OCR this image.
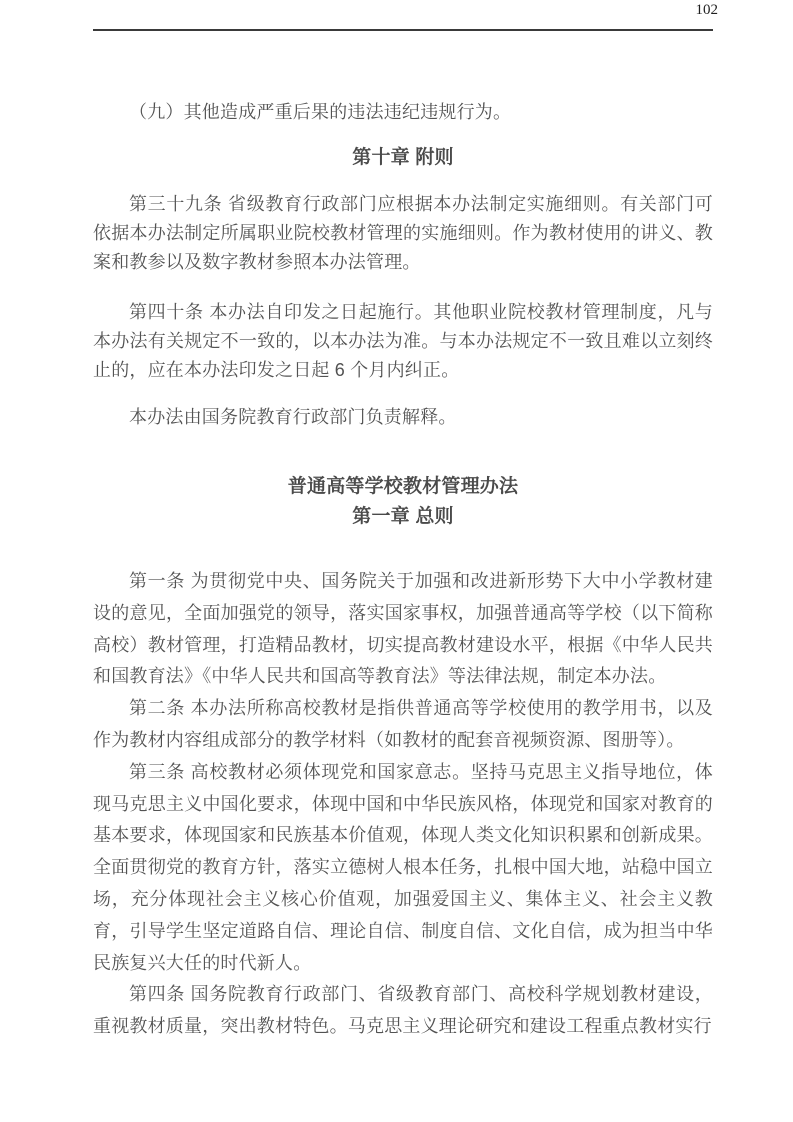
102

（九）其他造成严重后果的违法违纪违规行为。

第十章 附则

第三十九条 省级教育行政部门应根据本办法制定实施细则。有关部门可依据本办法制定所属职业院校教材管理的实施细则。作为教材使用的讲义、教案和教参以及数字教材参照本办法管理。

第四十条 本办法自印发之日起施行。其他职业院校教材管理制度，凡与本办法有关规定不一致的，以本办法为准。与本办法规定不一致且难以立刻终止的，应在本办法印发之日起 6 个月内纠正。

本办法由国务院教育行政部门负责解释。

普通高等学校教材管理办法
第一章 总则

第一条 为贯彻党中央、国务院关于加强和改进新形势下大中小学教材建设的意见，全面加强党的领导，落实国家事权，加强普通高等学校（以下简称高校）教材管理，打造精品教材，切实提高教材建设水平，根据《中华人民共和国教育法》《中华人民共和国高等教育法》等法律法规，制定本办法。

第二条 本办法所称高校教材是指供普通高等学校使用的教学用书，以及作为教材内容组成部分的教学材料（如教材的配套音视频资源、图册等）。

第三条 高校教材必须体现党和国家意志。坚持马克思主义指导地位，体现马克思主义中国化要求，体现中国和中华民族风格，体现党和国家对教育的基本要求，体现国家和民族基本价值观，体现人类文化知识积累和创新成果。全面贯彻党的教育方针，落实立德树人根本任务，扎根中国大地，站稳中国立场，充分体现社会主义核心价值观，加强爱国主义、集体主义、社会主义教育，引导学生坚定道路自信、理论自信、制度自信、文化自信，成为担当中华民族复兴大任的时代新人。

第四条 国务院教育行政部门、省级教育部门、高校科学规划教材建设，重视教材质量，突出教材特色。马克思主义理论研究和建设工程重点教材实行
